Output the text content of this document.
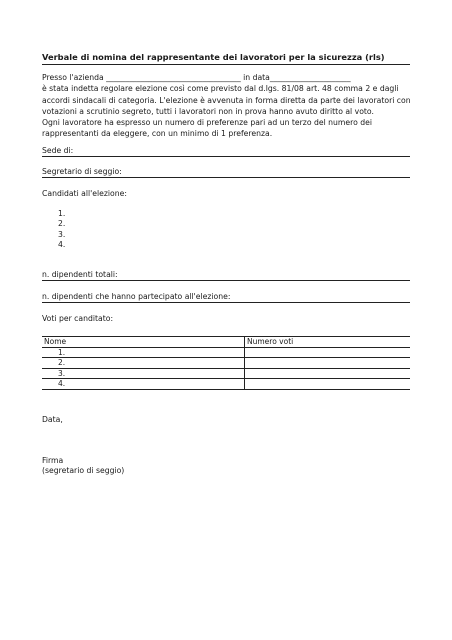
Verbale di nomina del rappresentante dei lavoratori per la sicurezza (rls)
Presso l'azienda ___________________________________ in data_____________________
è stata indetta regolare elezione così come previsto dal d.lgs. 81/08 art. 48 comma 2 e dagli
accordi sindacali di categoria. L'elezione è avvenuta in forma diretta da parte dei lavoratori con
votazioni a scrutinio segreto, tutti i lavoratori non in prova hanno avuto diritto al voto.
Ogni lavoratore ha espresso un numero di preferenze pari ad un terzo del numero dei
rappresentanti da eleggere, con un minimo di 1 preferenza.
Sede di:
Segretario di seggio:
Candidati all'elezione:
1.
2.
3.
4.
n. dipendenti totali:
n. dipendenti che hanno partecipato all'elezione:
Voti per canditato:
Nome	Numero voti
1.	
2.	
3.	
4.	
Data,
Firma
(segretario di seggio)
